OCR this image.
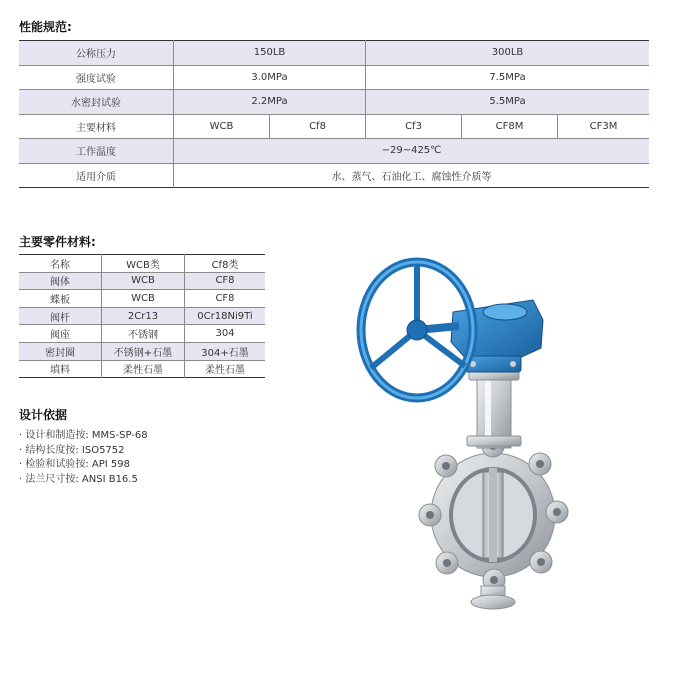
性能规范:
公称压力	150LB		300LB		
强度试验	3.0MPa		7.5MPa		
水密封试验	2.2MPa		5.5MPa		
主要材料	WCB	Cf8	Cf3	CF8M	CF3M
工作温度	−29~425℃				
适用介质	水、蒸气、石油化工、腐蚀性介质等				
主要零件材料:
名称	WCB类	Cf8类
阀体	WCB	CF8
蝶板	WCB	CF8
阀杆	2Cr13	0Cr18Ni9Ti
阀座	不锈钢	304
密封圈	不锈钢+石墨	304+石墨
填料	柔性石墨	柔性石墨
设计依据
· 设计和制造按: MMS-SP-68
· 结构长度按: ISO5752
· 检验和试验按: API 598
· 法兰尺寸按: ANSI B16.5
